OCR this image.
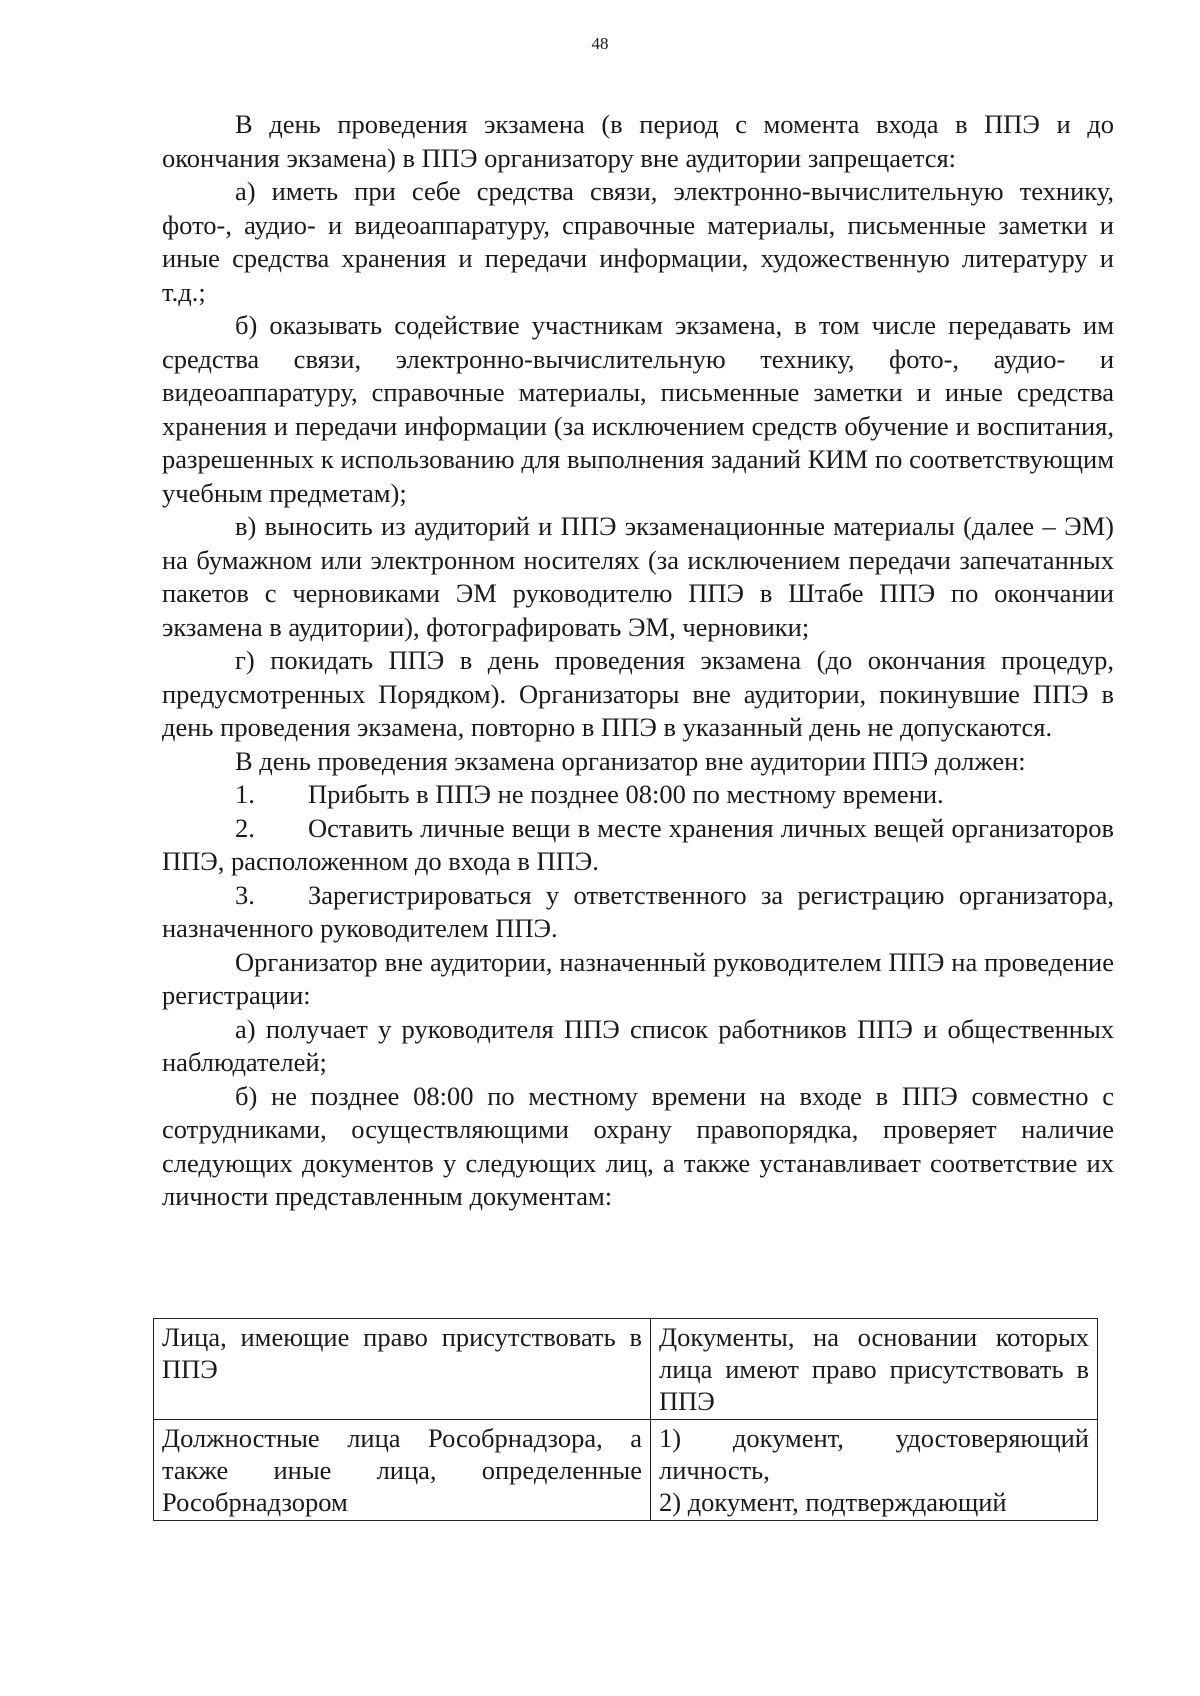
48

В день проведения экзамена (в период с момента входа в ППЭ и до окончания экзамена) в ППЭ организатору вне аудитории запрещается:

а) иметь при себе средства связи, электронно-вычислительную технику, фото-, аудио- и видеоаппаратуру, справочные материалы, письменные заметки и иные средства хранения и передачи информации, художественную литературу и т.д.;

б) оказывать содействие участникам экзамена, в том числе передавать им средства связи, электронно-вычислительную технику, фото-, аудио- и видеоаппаратуру, справочные материалы, письменные заметки и иные средства хранения и передачи информации (за исключением средств обучение и воспитания, разрешенных к использованию для выполнения заданий КИМ по соответствующим учебным предметам);

в) выносить из аудиторий и ППЭ экзаменационные материалы (далее – ЭМ) на бумажном или электронном носителях (за исключением передачи запечатанных пакетов с черновиками ЭМ руководителю ППЭ в Штабе ППЭ по окончании экзамена в аудитории), фотографировать ЭМ, черновики;

г) покидать ППЭ в день проведения экзамена (до окончания процедур, предусмотренных Порядком). Организаторы вне аудитории, покинувшие ППЭ в день проведения экзамена, повторно в ППЭ в указанный день не допускаются.

В день проведения экзамена организатор вне аудитории ППЭ должен:

1. Прибыть в ППЭ не позднее 08:00 по местному времени.

2. Оставить личные вещи в месте хранения личных вещей организаторов ППЭ, расположенном до входа в ППЭ.

3. Зарегистрироваться у ответственного за регистрацию организатора, назначенного руководителем ППЭ.

Организатор вне аудитории, назначенный руководителем ППЭ на проведение регистрации:

а) получает у руководителя ППЭ список работников ППЭ и общественных наблюдателей;

б) не позднее 08:00 по местному времени на входе в ППЭ совместно с сотрудниками, осуществляющими охрану правопорядка, проверяет наличие следующих документов у следующих лиц, а также устанавливает соответствие их личности представленным документам:

Лица, имеющие право присутствовать в ППЭ	Документы, на основании которых лица имеют право присутствовать в ППЭ
Должностные лица Рособрнадзора, а также иные лица, определенные Рособрнадзором	1) документ, удостоверяющий личность,

2) документ, подтверждающий
